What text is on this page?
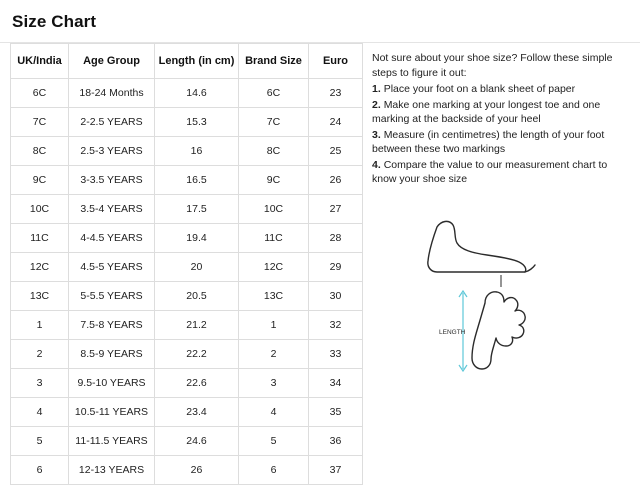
Size Chart
UK/India	Age Group	Length (in cm)	Brand Size	Euro
6C	18-24 Months	14.6	6C	23
7C	2-2.5 YEARS	15.3	7C	24
8C	2.5-3 YEARS	16	8C	25
9C	3-3.5 YEARS	16.5	9C	26
10C	3.5-4 YEARS	17.5	10C	27
11C	4-4.5 YEARS	19.4	11C	28
12C	4.5-5 YEARS	20	12C	29
13C	5-5.5 YEARS	20.5	13C	30
1	7.5-8 YEARS	21.2	1	32
2	8.5-9 YEARS	22.2	2	33
3	9.5-10 YEARS	22.6	3	34
4	10.5-11 YEARS	23.4	4	35
5	11-11.5 YEARS	24.6	5	36
6	12-13 YEARS	26	6	37
Not sure about your shoe size? Follow these simple steps to figure it out:
1. Place your foot on a blank sheet of paper
2. Make one marking at your longest toe and one marking at the backside of your heel
3. Measure (in centimetres) the length of your foot between these two markings
4. Compare the value to our measurement chart to know your shoe size
LENGTH
